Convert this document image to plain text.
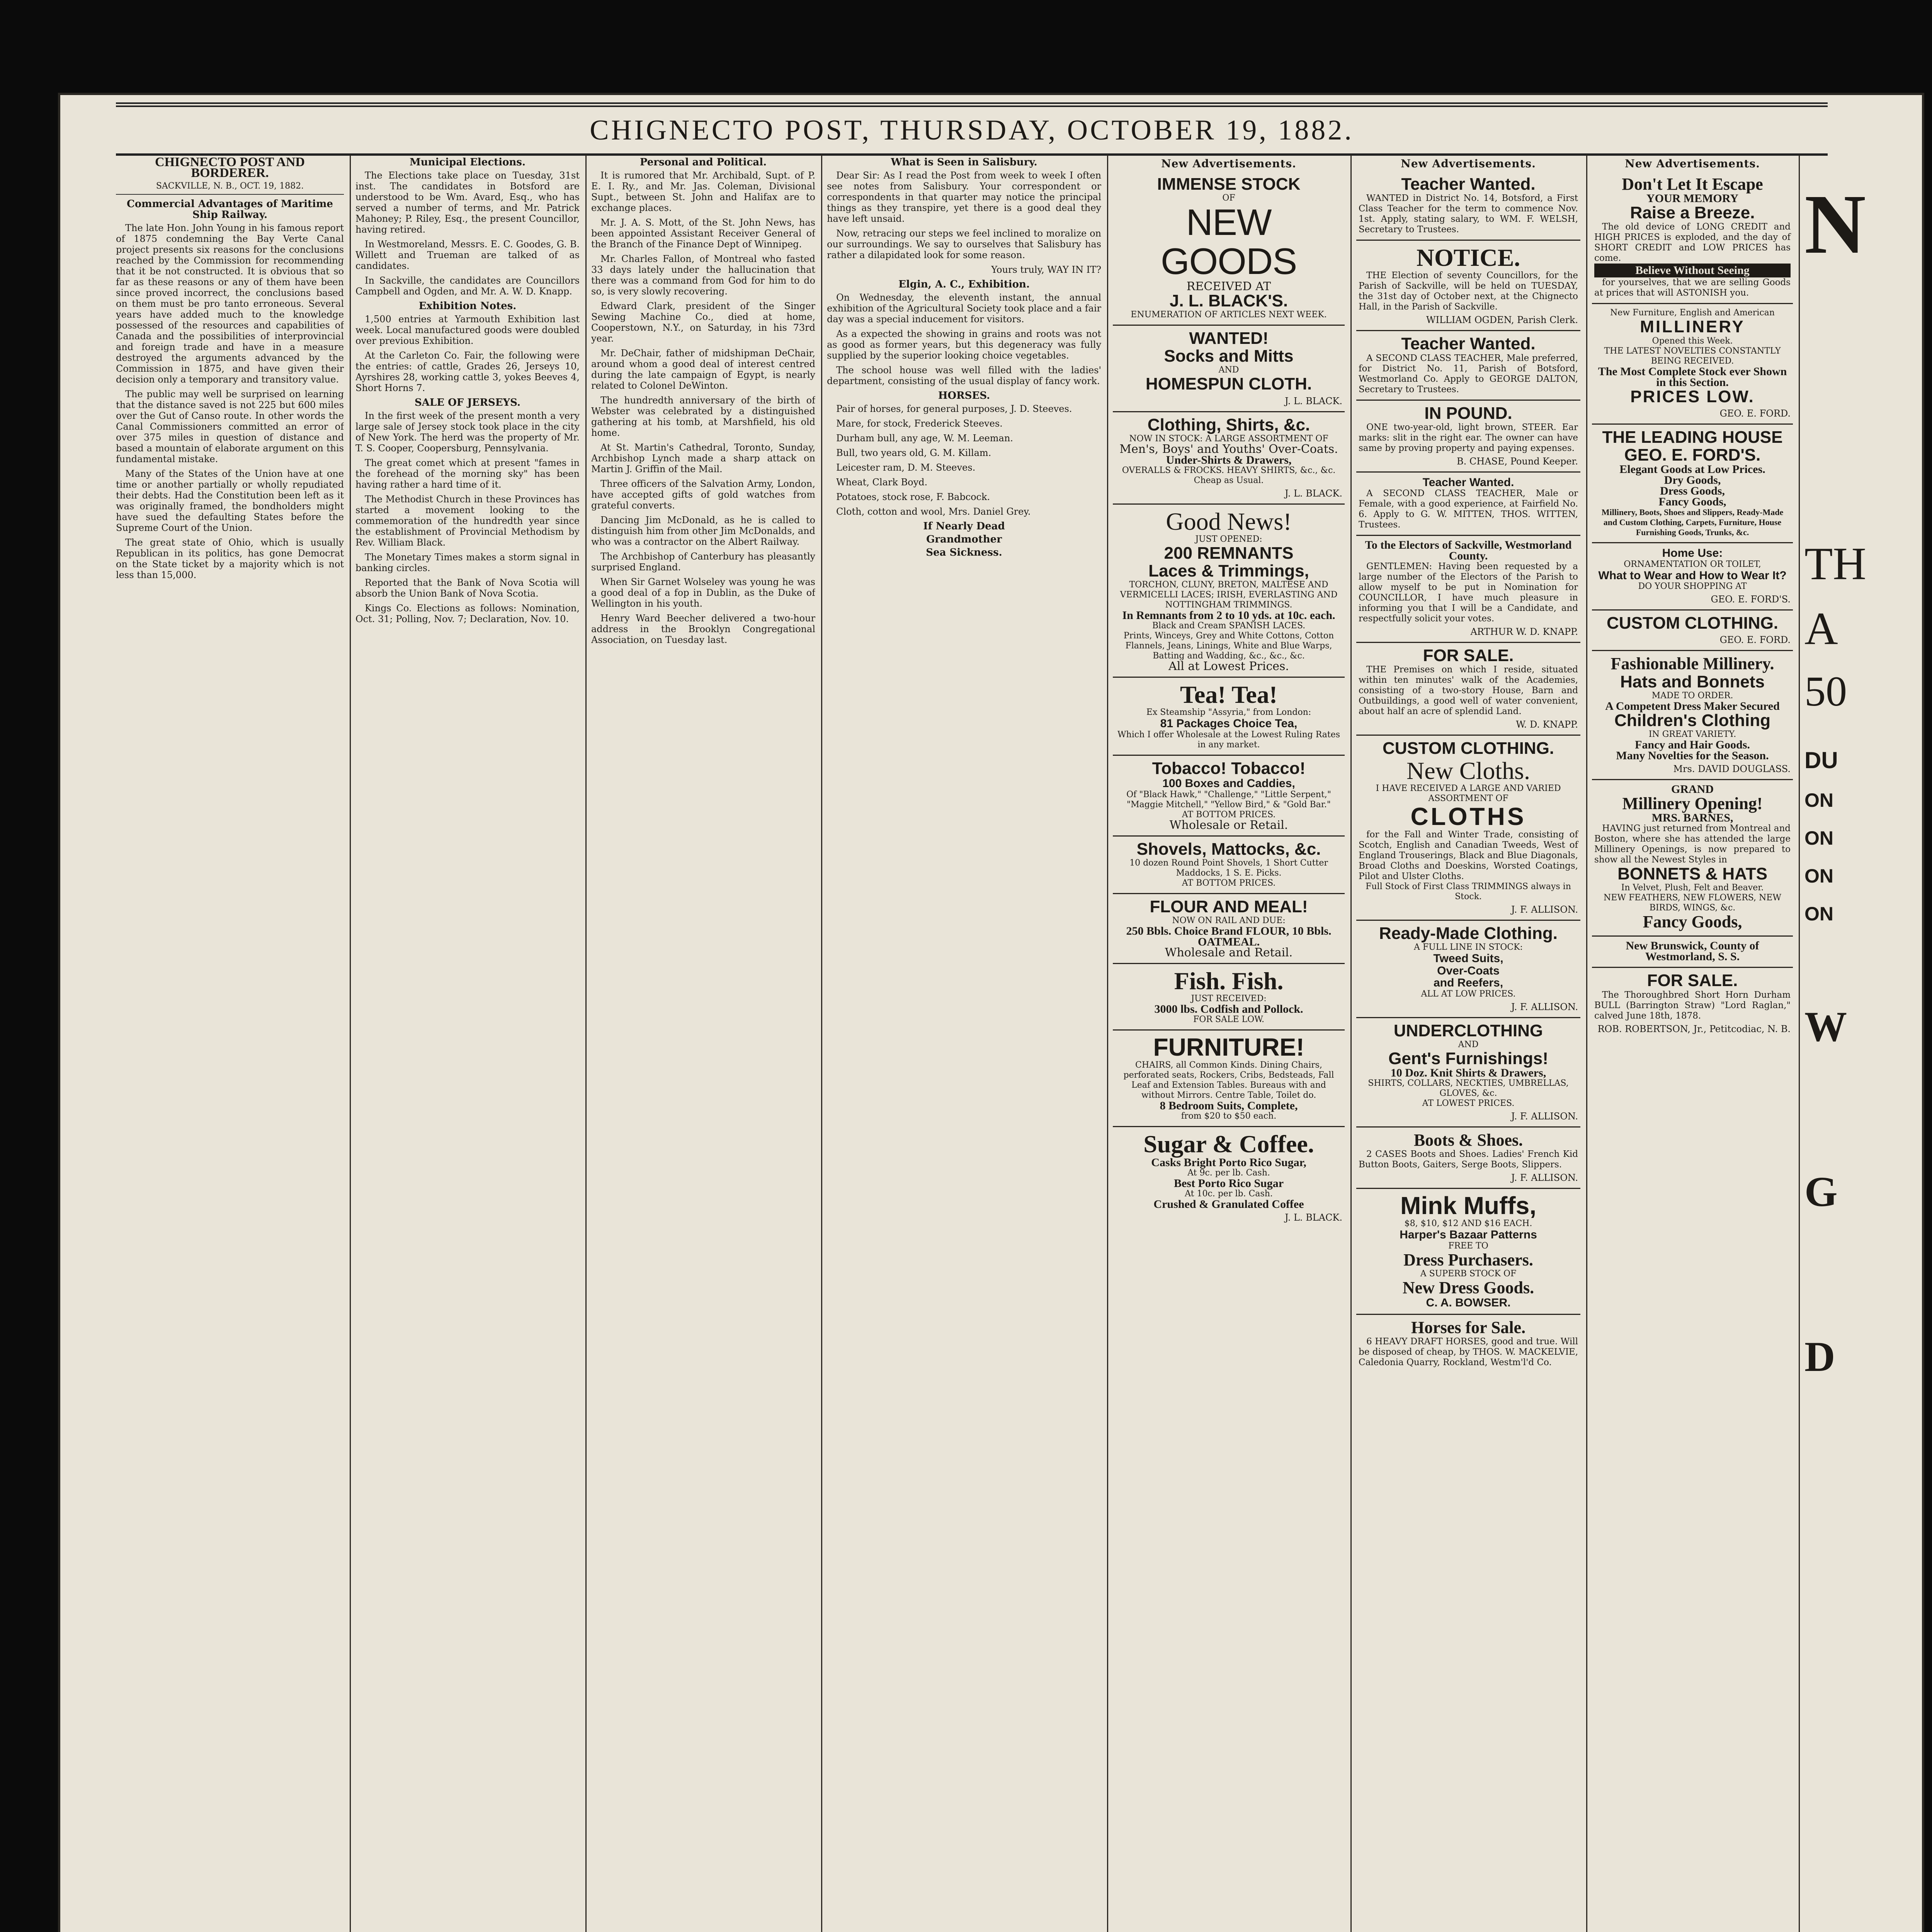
CHIGNECTO POST, THURSDAY, OCTOBER 19, 1882.
CHIGNECTO POST AND BORDERER.
SACKVILLE, N. B., OCT. 19, 1882.
Commercial Advantages of Maritime Ship Railway.

The late Hon. John Young in his famous report of 1875 condemning the Bay Verte Canal project presents six reasons for the conclusions reached by the Commission for recommending that it be not constructed. It is obvious that so far as these reasons or any of them have been since proved incorrect, the conclusions based on them must be pro tanto erroneous. Several years have added much to the knowledge possessed of the resources and capabilities of Canada and the possibilities of interprovincial and foreign trade and have in a measure destroyed the arguments advanced by the Commission in 1875, and have given their decision only a temporary and transitory value.

The public may well be surprised on learning that the distance saved is not 225 but 600 miles over the Gut of Canso route. In other words the Canal Commissioners committed an error of over 375 miles in question of distance and based a mountain of elaborate argument on this fundamental mistake.

Many of the States of the Union have at one time or another partially or wholly repudiated their debts. Had the Constitution been left as it was originally framed, the bondholders might have sued the defaulting States before the Supreme Court of the Union.

The great state of Ohio, which is usually Republican in its politics, has gone Democrat on the State ticket by a majority which is not less than 15,000.

Municipal Elections.

The Elections take place on Tuesday, 31st inst. The candidates in Botsford are understood to be Wm. Avard, Esq., who has served a number of terms, and Mr. Patrick Mahoney; P. Riley, Esq., the present Councillor, having retired.

In Westmoreland, Messrs. E. C. Goodes, G. B. Willett and Trueman are talked of as candidates.

In Sackville, the candidates are Councillors Campbell and Ogden, and Mr. A. W. D. Knapp.

Exhibition Notes.

1,500 entries at Yarmouth Exhibition last week. Local manufactured goods were doubled over previous Exhibition.

At the Carleton Co. Fair, the following were the entries: of cattle, Grades 26, Jerseys 10, Ayrshires 28, working cattle 3, yokes Beeves 4, Short Horns 7.

SALE OF JERSEYS.

In the first week of the present month a very large sale of Jersey stock took place in the city of New York. The herd was the property of Mr. T. S. Cooper, Coopersburg, Pennsylvania.

The great comet which at present "fames in the forehead of the morning sky" has been having rather a hard time of it.

The Methodist Church in these Provinces has started a movement looking to the commemoration of the hundredth year since the establishment of Provincial Methodism by Rev. William Black.

The Monetary Times makes a storm signal in banking circles.

Reported that the Bank of Nova Scotia will absorb the Union Bank of Nova Scotia.

Kings Co. Elections as follows: Nomination, Oct. 31; Polling, Nov. 7; Declaration, Nov. 10.

Personal and Political.

It is rumored that Mr. Archibald, Supt. of P. E. I. Ry., and Mr. Jas. Coleman, Divisional Supt., between St. John and Halifax are to exchange places.

Mr. J. A. S. Mott, of the St. John News, has been appointed Assistant Receiver General of the Branch of the Finance Dept of Winnipeg.

Mr. Charles Fallon, of Montreal who fasted 33 days lately under the hallucination that there was a command from God for him to do so, is very slowly recovering.

Edward Clark, president of the Singer Sewing Machine Co., died at home, Cooperstown, N.Y., on Saturday, in his 73rd year.

Mr. DeChair, father of midshipman DeChair, around whom a good deal of interest centred during the late campaign of Egypt, is nearly related to Colonel DeWinton.

The hundredth anniversary of the birth of Webster was celebrated by a distinguished gathering at his tomb, at Marshfield, his old home.

At St. Martin's Cathedral, Toronto, Sunday, Archbishop Lynch made a sharp attack on Martin J. Griffin of the Mail.

Three officers of the Salvation Army, London, have accepted gifts of gold watches from grateful converts.

Dancing Jim McDonald, as he is called to distinguish him from other Jim McDonalds, and who was a contractor on the Albert Railway.

The Archbishop of Canterbury has pleasantly surprised England.

When Sir Garnet Wolseley was young he was a good deal of a fop in Dublin, as the Duke of Wellington in his youth.

Henry Ward Beecher delivered a two-hour address in the Brooklyn Congregational Association, on Tuesday last.

What is Seen in Salisbury.

Dear Sir: As I read the Post from week to week I often see notes from Salisbury. Your correspondent or correspondents in that quarter may notice the principal things as they transpire, yet there is a good deal they have left unsaid.

Now, retracing our steps we feel inclined to moralize on our surroundings. We say to ourselves that Salisbury has rather a dilapidated look for some reason.

Yours truly, WAY IN IT?

Elgin, A. C., Exhibition.

On Wednesday, the eleventh instant, the annual exhibition of the Agricultural Society took place and a fair day was a special inducement for visitors.

As a expected the showing in grains and roots was not as good as former years, but this degeneracy was fully supplied by the superior looking choice vegetables.

The school house was well filled with the ladies' department, consisting of the usual display of fancy work.

HORSES.

Pair of horses, for general purposes, J. D. Steeves.

Mare, for stock, Frederick Steeves.

Durham bull, any age, W. M. Leeman.

Bull, two years old, G. M. Killam.

Leicester ram, D. M. Steeves.

Wheat, Clark Boyd.

Potatoes, stock rose, F. Babcock.

Cloth, cotton and wool, Mrs. Daniel Grey.

If Nearly Dead
Grandmother
Sea Sickness.
New Advertisements.
IMMENSE STOCK
OF
NEW GOODS
RECEIVED AT
J. L. BLACK'S.
ENUMERATION OF ARTICLES NEXT WEEK.
WANTED!
Socks and Mitts
AND
HOMESPUN CLOTH.
J. L. BLACK.
Clothing, Shirts, &c.
NOW IN STOCK: A LARGE ASSORTMENT OF
Men's, Boys' and Youths' Over-Coats.
Under-Shirts & Drawers,
OVERALLS & FROCKS. HEAVY SHIRTS, &c., &c.
Cheap as Usual.
J. L. BLACK.
Good News!
JUST OPENED:
200 REMNANTS
Laces & Trimmings,
TORCHON, CLUNY, BRETON, MALTESE AND VERMICELLI LACES; IRISH, EVERLASTING AND NOTTINGHAM TRIMMINGS.
In Remnants from 2 to 10 yds. at 10c. each.
Black and Cream SPANISH LACES.
Prints, Winceys, Grey and White Cottons, Cotton Flannels, Jeans, Linings, White and Blue Warps, Batting and Wadding, &c., &c., &c.
All at Lowest Prices.
Tea! Tea!
Ex Steamship "Assyria," from London:
81 Packages Choice Tea,
Which I offer Wholesale at the Lowest Ruling Rates in any market.
Tobacco! Tobacco!
100 Boxes and Caddies,
Of "Black Hawk," "Challenge," "Little Serpent," "Maggie Mitchell," "Yellow Bird," & "Gold Bar."
AT BOTTOM PRICES.
Wholesale or Retail.
Shovels, Mattocks, &c.
10 dozen Round Point Shovels, 1 Short Cutter Maddocks, 1 S. E. Picks.
AT BOTTOM PRICES.
FLOUR AND MEAL!
NOW ON RAIL AND DUE:
250 Bbls. Choice Brand FLOUR, 10 Bbls. OATMEAL.
Wholesale and Retail.
Fish. Fish.
JUST RECEIVED:
3000 lbs. Codfish and Pollock.
FOR SALE LOW.
FURNITURE!
CHAIRS, all Common Kinds. Dining Chairs, perforated seats, Rockers, Cribs, Bedsteads, Fall Leaf and Extension Tables. Bureaus with and without Mirrors. Centre Table, Toilet do.
8 Bedroom Suits, Complete,
from $20 to $50 each.
Sugar & Coffee.
Casks Bright Porto Rico Sugar,
At 9c. per lb. Cash.
Best Porto Rico Sugar
At 10c. per lb. Cash.
Crushed & Granulated Coffee
J. L. BLACK.
New Advertisements.
Teacher Wanted.
WANTED in District No. 14, Botsford, a First Class Teacher for the term to commence Nov. 1st. Apply, stating salary, to WM. F. WELSH, Secretary to Trustees.
NOTICE.
THE Election of seventy Councillors, for the Parish of Sackville, will be held on TUESDAY, the 31st day of October next, at the Chignecto Hall, in the Parish of Sackville.
WILLIAM OGDEN, Parish Clerk.
Teacher Wanted.
A SECOND CLASS TEACHER, Male preferred, for District No. 11, Parish of Botsford, Westmorland Co. Apply to GEORGE DALTON, Secretary to Trustees.
IN POUND.
ONE two-year-old, light brown, STEER. Ear marks: slit in the right ear. The owner can have same by proving property and paying expenses.
B. CHASE, Pound Keeper.
Teacher Wanted.
A SECOND CLASS TEACHER, Male or Female, with a good experience, at Fairfield No. 6. Apply to G. W. MITTEN, THOS. WITTEN, Trustees.
To the Electors of Sackville, Westmorland County.
GENTLEMEN: Having been requested by a large number of the Electors of the Parish to allow myself to be put in Nomination for COUNCILLOR, I have much pleasure in informing you that I will be a Candidate, and respectfully solicit your votes.
ARTHUR W. D. KNAPP.
FOR SALE.
THE Premises on which I reside, situated within ten minutes' walk of the Academies, consisting of a two-story House, Barn and Outbuildings, a good well of water convenient, about half an acre of splendid Land.
W. D. KNAPP.
CUSTOM CLOTHING.
New Cloths.
I HAVE RECEIVED A LARGE AND VARIED ASSORTMENT OF
CLOTHS
for the Fall and Winter Trade, consisting of Scotch, English and Canadian Tweeds, West of England Trouserings, Black and Blue Diagonals, Broad Cloths and Doeskins, Worsted Coatings, Pilot and Ulster Cloths.
Full Stock of First Class TRIMMINGS always in Stock.
J. F. ALLISON.
Ready-Made Clothing.
A FULL LINE IN STOCK:
Tweed Suits,
Over-Coats
and Reefers,
ALL AT LOW PRICES.
J. F. ALLISON.
UNDERCLOTHING
AND
Gent's Furnishings!
10 Doz. Knit Shirts & Drawers,
SHIRTS, COLLARS, NECKTIES, UMBRELLAS, GLOVES, &c.
AT LOWEST PRICES.
J. F. ALLISON.
Boots & Shoes.
2 CASES Boots and Shoes. Ladies' French Kid Button Boots, Gaiters, Serge Boots, Slippers.
J. F. ALLISON.
Mink Muffs,
$8, $10, $12 AND $16 EACH.
Harper's Bazaar Patterns
FREE TO
Dress Purchasers.
A SUPERB STOCK OF
New Dress Goods.
C. A. BOWSER.
Horses for Sale.
6 HEAVY DRAFT HORSES, good and true. Will be disposed of cheap, by THOS. W. MACKELVIE, Caledonia Quarry, Rockland, Westm'l'd Co.
New Advertisements.
Don't Let It Escape
YOUR MEMORY
Raise a Breeze.
The old device of LONG CREDIT and HIGH PRICES is exploded, and the day of SHORT CREDIT and LOW PRICES has come.
Believe Without Seeing
for yourselves, that we are selling Goods at prices that will ASTONISH you.
New Furniture, English and American
MILLINERY
Opened this Week.
THE LATEST NOVELTIES CONSTANTLY BEING RECEIVED.
The Most Complete Stock ever Shown in this Section.
PRICES LOW.
GEO. E. FORD.
THE LEADING HOUSE
GEO. E. FORD'S.
Elegant Goods at Low Prices.
Dry Goods,
Dress Goods,
Fancy Goods,
Millinery, Boots, Shoes and Slippers, Ready-Made and Custom Clothing, Carpets, Furniture, House Furnishing Goods, Trunks, &c.
Home Use:
ORNAMENTATION OR TOILET,
What to Wear and How to Wear It?
DO YOUR SHOPPING AT
GEO. E. FORD'S.
CUSTOM CLOTHING.
GEO. E. FORD.
Fashionable Millinery.
Hats and Bonnets
MADE TO ORDER.
A Competent Dress Maker Secured
Children's Clothing
IN GREAT VARIETY.
Fancy and Hair Goods.
Many Novelties for the Season.
Mrs. DAVID DOUGLASS.
GRAND
Millinery Opening!
MRS. BARNES,
HAVING just returned from Montreal and Boston, where she has attended the large Millinery Openings, is now prepared to show all the Newest Styles in
BONNETS & HATS
In Velvet, Plush, Felt and Beaver.
NEW FEATHERS, NEW FLOWERS, NEW BIRDS, WINGS, &c.
Fancy Goods,
New Brunswick, County of Westmorland, S. S.
FOR SALE.
The Thoroughbred Short Horn Durham BULL (Barrington Straw) "Lord Raglan," calved June 18th, 1878.
ROB. ROBERTSON, Jr., Petitcodiac, N. B.
N
TH
A
50
DU
ON
ON
ON
ON
W
G
D
